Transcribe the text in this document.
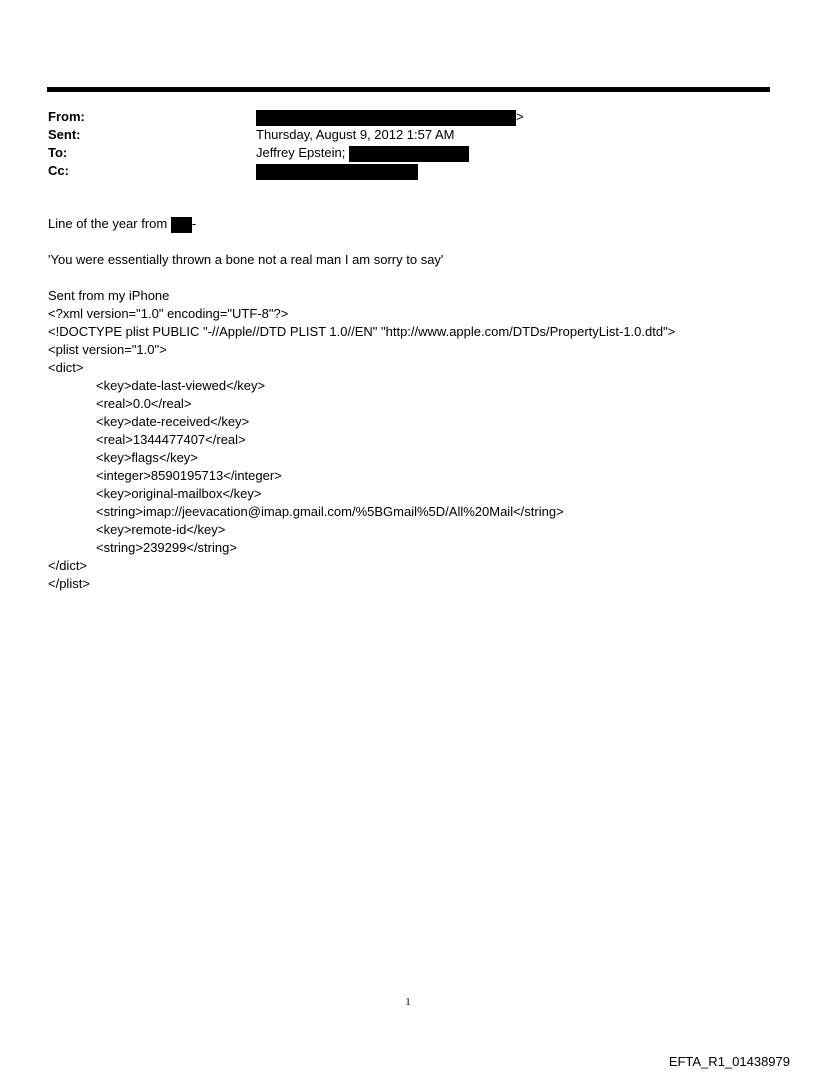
From:	>
Sent:	Thursday, August 9, 2012 1:57 AM
To:	Jeffrey Epstein;
Cc:
Line of the year from -
'You were essentially thrown a bone not a real man I am sorry to say'
Sent from my iPhone
<?xml version="1.0" encoding="UTF-8"?>
<!DOCTYPE plist PUBLIC "-//Apple//DTD PLIST 1.0//EN" "http://www.apple.com/DTDs/PropertyList-1.0.dtd">
<plist version="1.0">
<dict>
<key>date-last-viewed</key>
<real>0.0</real>
<key>date-received</key>
<real>1344477407</real>
<key>flags</key>
<integer>8590195713</integer>
<key>original-mailbox</key>
<string>imap://jeevacation@imap.gmail.com/%5BGmail%5D/All%20Mail</string>
<key>remote-id</key>
<string>239299</string>
</dict>
</plist>
1
EFTA_R1_01438979
